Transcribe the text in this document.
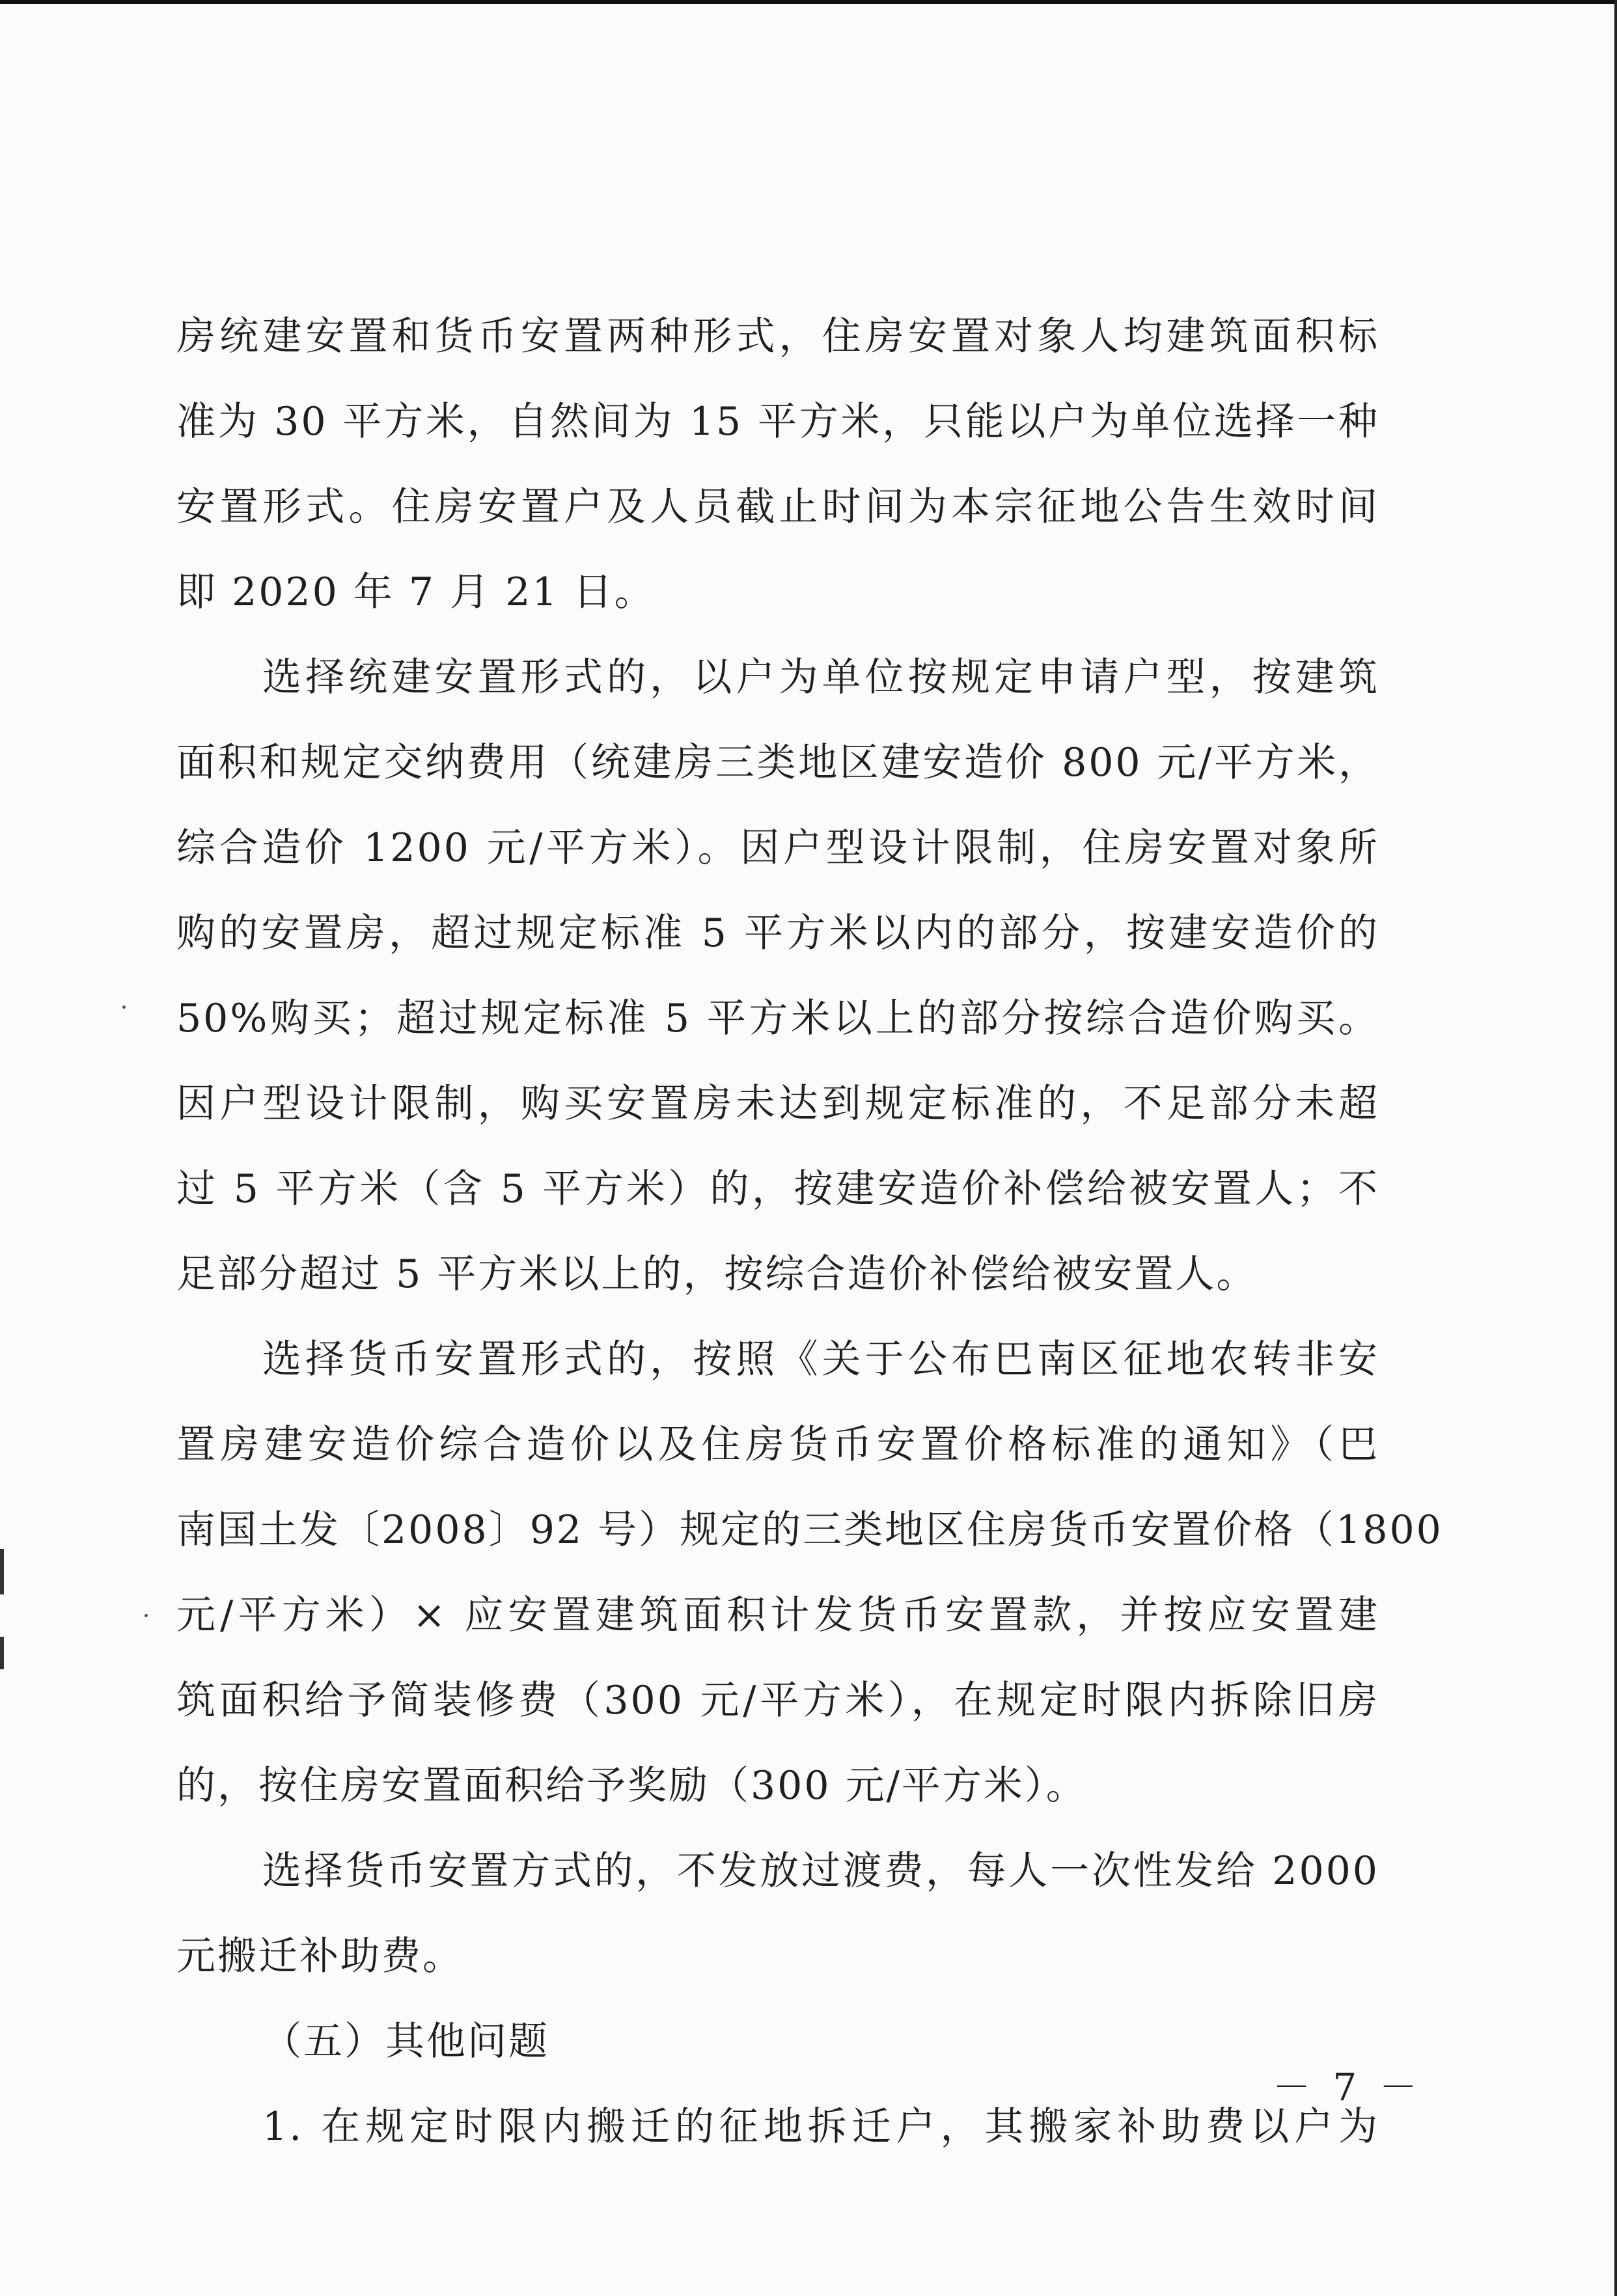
房统建安置和货币安置两种形式，住房安置对象人均建筑面积标
准为 30 平方米，自然间为 15 平方米，只能以户为单位选择一种
安置形式。住房安置户及人员截止时间为本宗征地公告生效时间
即 2020 年 7 月 21 日。
选择统建安置形式的，以户为单位按规定申请户型，按建筑
面积和规定交纳费用（统建房三类地区建安造价 800 元/平方米，
综合造价 1200 元/平方米）。因户型设计限制，住房安置对象所
购的安置房，超过规定标准 5 平方米以内的部分，按建安造价的
50%购买；超过规定标准 5 平方米以上的部分按综合造价购买。
因户型设计限制，购买安置房未达到规定标准的，不足部分未超
过 5 平方米（含 5 平方米）的，按建安造价补偿给被安置人；不
足部分超过 5 平方米以上的，按综合造价补偿给被安置人。
选择货币安置形式的，按照《关于公布巴南区征地农转非安
置房建安造价综合造价以及住房货币安置价格标准的通知》（巴
南国土发〔2008〕92 号）规定的三类地区住房货币安置价格（1800
元/平方米）× 应安置建筑面积计发货币安置款，并按应安置建
筑面积给予简装修费（300 元/平方米），在规定时限内拆除旧房
的，按住房安置面积给予奖励（300 元/平方米）。
选择货币安置方式的，不发放过渡费，每人一次性发给 2000
元搬迁补助费。
（五）其他问题
1. 在规定时限内搬迁的征地拆迁户，其搬家补助费以户为
－ 7 －
